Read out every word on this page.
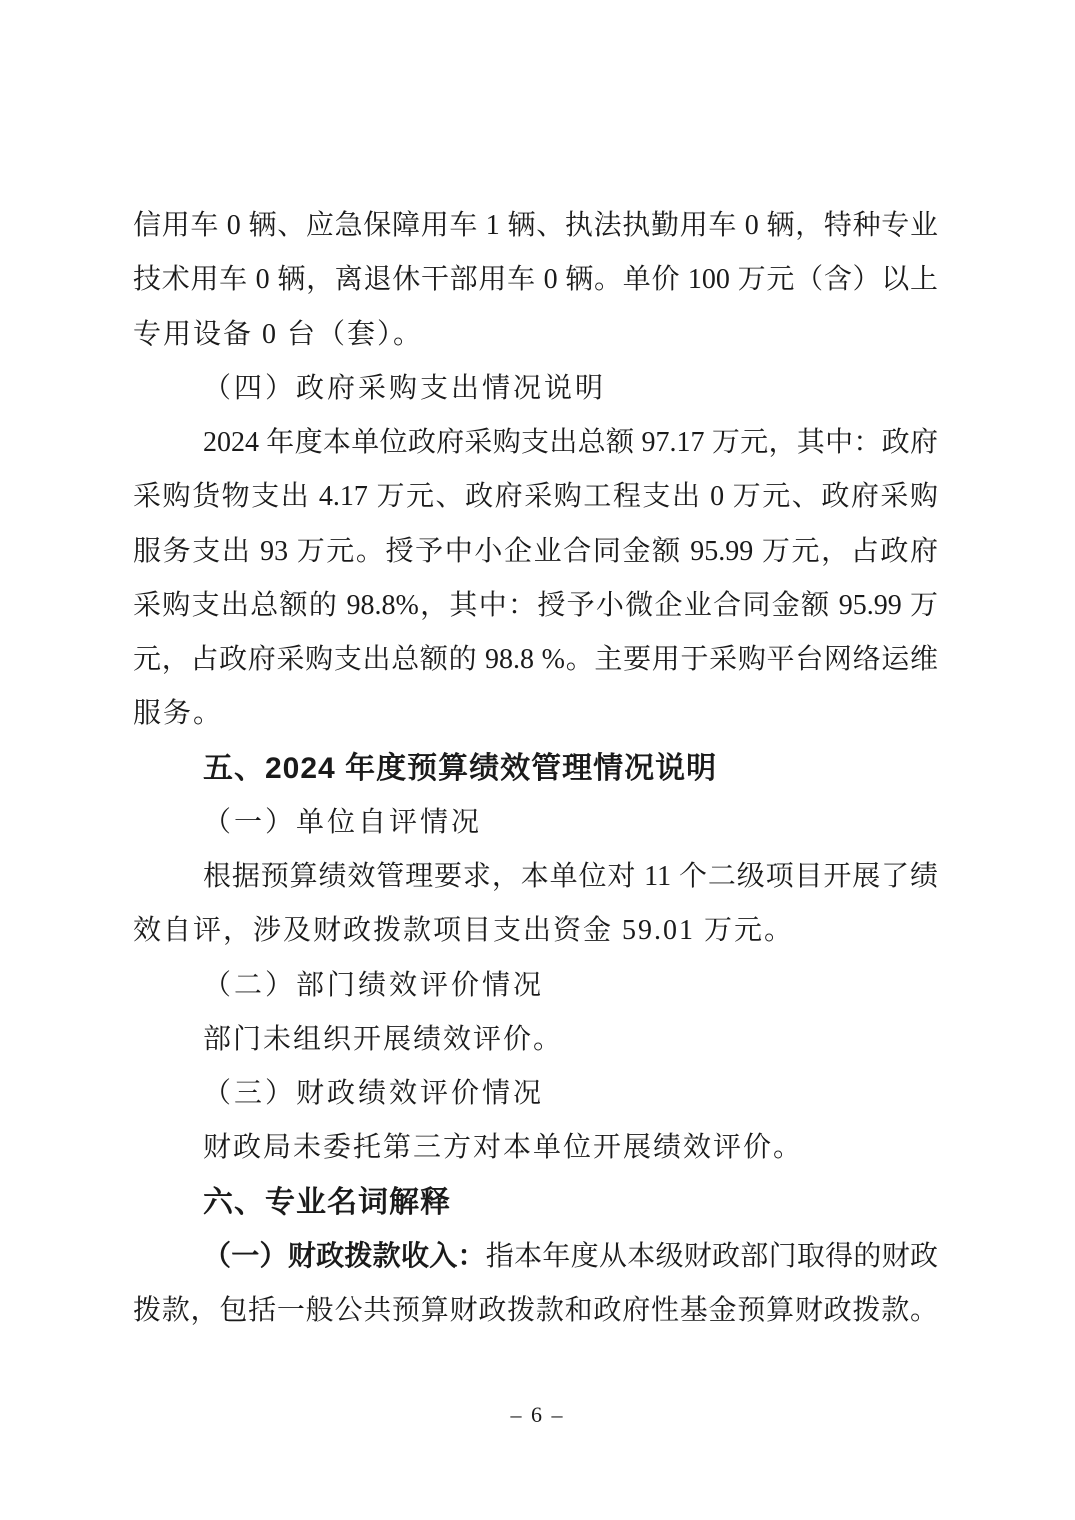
信用车 0 辆、应急保障用车 1 辆、执法执勤用车 0 辆，特种专业
技术用车 0 辆，离退休干部用车 0 辆。单价 100 万元（含）以上
专用设备 0 台（套）。
（四）政府采购支出情况说明
2024 年度本单位政府采购支出总额 97.17 万元，其中：政府
采购货物支出 4.17 万元、政府采购工程支出 0 万元、政府采购
服务支出 93 万元。授予中小企业合同金额 95.99 万元，占政府
采购支出总额的 98.8%，其中：授予小微企业合同金额 95.99 万
元，占政府采购支出总额的 98.8 %。主要用于采购平台网络运维
服务。
五、2024 年度预算绩效管理情况说明
（一）单位自评情况
根据预算绩效管理要求，本单位对 11 个二级项目开展了绩
效自评，涉及财政拨款项目支出资金 59.01 万元。
（二）部门绩效评价情况
部门未组织开展绩效评价。
（三）财政绩效评价情况
财政局未委托第三方对本单位开展绩效评价。
六、专业名词解释
（一）财政拨款收入：指本年度从本级财政部门取得的财政
拨款，包括一般公共预算财政拨款和政府性基金预算财政拨款。
– 6 –
